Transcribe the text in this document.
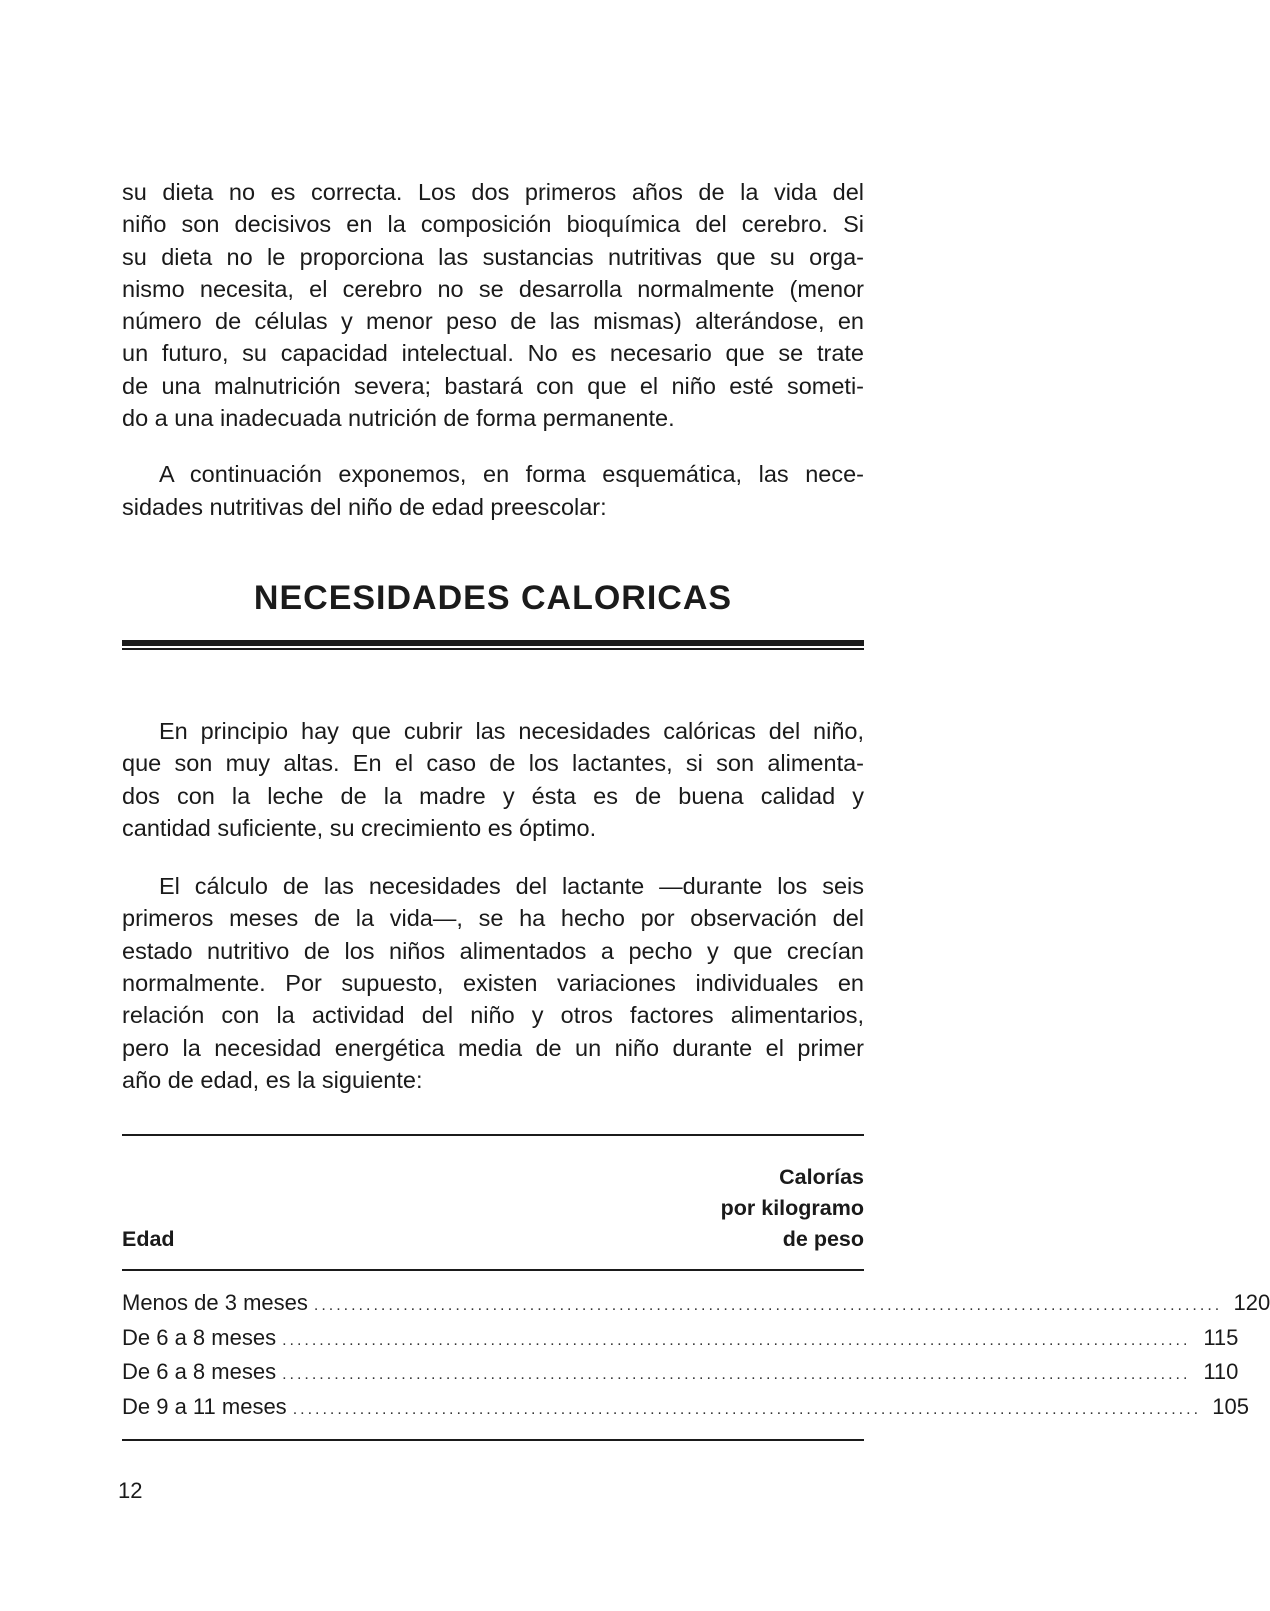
su dieta no es correcta. Los dos primeros años de la vida del
niño son decisivos en la composición bioquímica del cerebro. Si
su dieta no le proporciona las sustancias nutritivas que su orga-
nismo necesita, el cerebro no se desarrolla normalmente (menor
número de células y menor peso de las mismas) alterándose, en
un futuro, su capacidad intelectual. No es necesario que se trate
de una malnutrición severa; bastará con que el niño esté someti-
do a una inadecuada nutrición de forma permanente.
A continuación exponemos, en forma esquemática, las nece-
sidades nutritivas del niño de edad preescolar:
NECESIDADES CALORICAS
En principio hay que cubrir las necesidades calóricas del niño,
que son muy altas. En el caso de los lactantes, si son alimenta-
dos con la leche de la madre y ésta es de buena calidad y
cantidad suficiente, su crecimiento es óptimo.
El cálculo de las necesidades del lactante —durante los seis
primeros meses de la vida—, se ha hecho por observación del
estado nutritivo de los niños alimentados a pecho y que crecían
normalmente. Por supuesto, existen variaciones individuales en
relación con la actividad del niño y otros factores alimentarios,
pero la necesidad energética media de un niño durante el primer
año de edad, es la siguiente:
Edad
Calorías
por kilogramo
de peso
Menos de 3 meses .......................................................................................................................... 120
De 6 a 8 meses .......................................................................................................................... 115
De 6 a 8 meses .......................................................................................................................... 110
De 9 a 11 meses .......................................................................................................................... 105
12
